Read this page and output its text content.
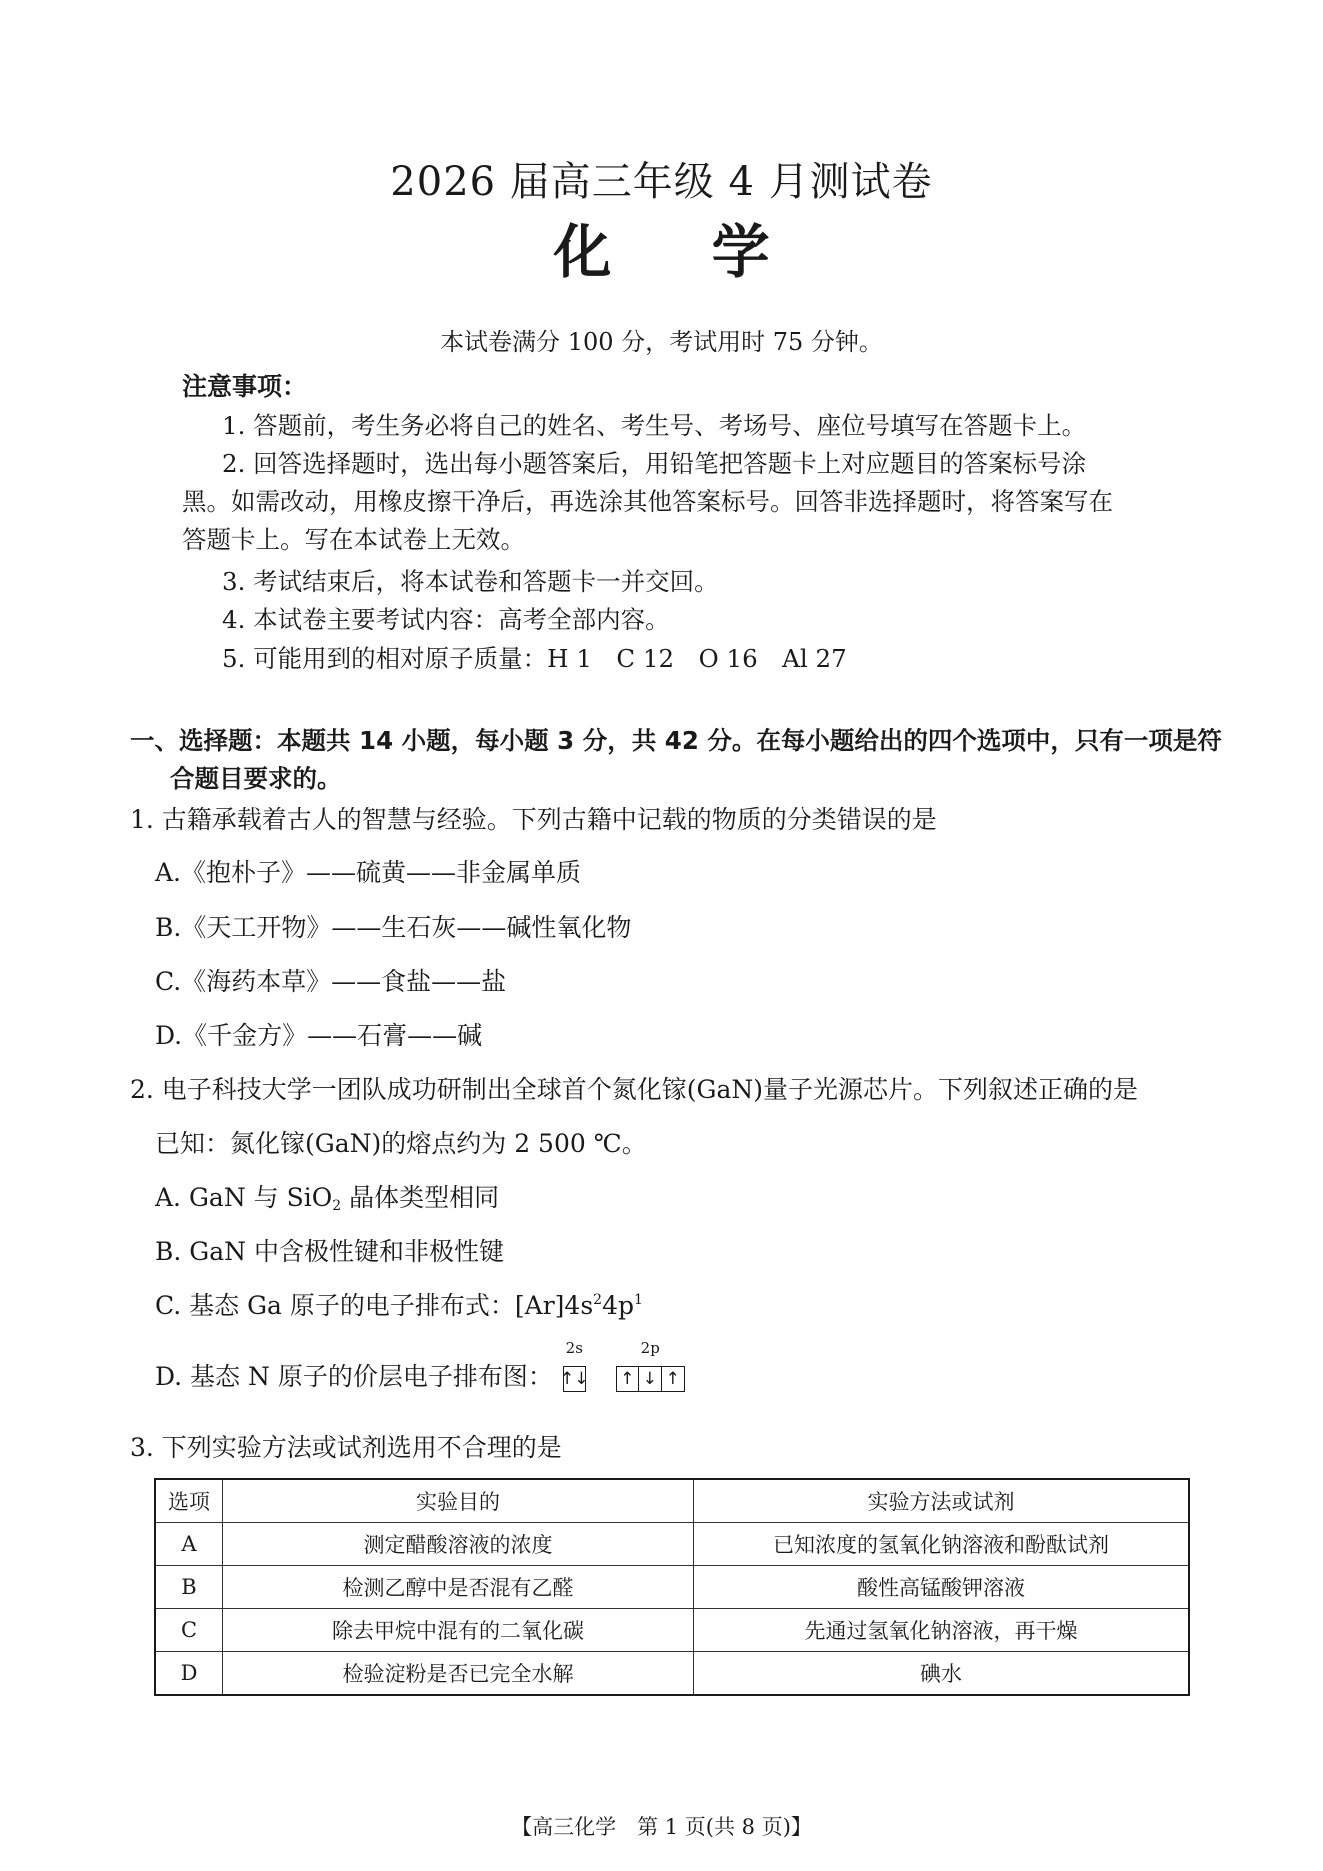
2026 届高三年级 4 月测试卷
化 学
本试卷满分 100 分，考试用时 75 分钟。
注意事项：
1. 答题前，考生务必将自己的姓名、考生号、考场号、座位号填写在答题卡上。
2. 回答选择题时，选出每小题答案后，用铅笔把答题卡上对应题目的答案标号涂
黑。如需改动，用橡皮擦干净后，再选涂其他答案标号。回答非选择题时，将答案写在
答题卡上。写在本试卷上无效。
3. 考试结束后，将本试卷和答题卡一并交回。
4. 本试卷主要考试内容：高考全部内容。
5. 可能用到的相对原子质量：H 1　C 12　O 16　Al 27
一、选择题：本题共 14 小题，每小题 3 分，共 42 分。在每小题给出的四个选项中，只有一项是符
合题目要求的。
1. 古籍承载着古人的智慧与经验。下列古籍中记载的物质的分类错误的是
A.《抱朴子》——硫黄——非金属单质
B.《天工开物》——生石灰——碱性氧化物
C.《海药本草》——食盐——盐
D.《千金方》——石膏——碱
2. 电子科技大学一团队成功研制出全球首个氮化镓(GaN)量子光源芯片。下列叙述正确的是
已知：氮化镓(GaN)的熔点约为 2 500 ℃。
A. GaN 与 SiO$_2$ 晶体类型相同
B. GaN 中含极性键和非极性键
C. 基态 Ga 原子的电子排布式：$[Ar]4s^24p^1$
D. 基态 N 原子的价层电子排布图：
2s
↑↓

2p
↑ ↓ ↑
3. 下列实验方法或试剂选用不合理的是
选项	实验目的	实验方法或试剂
A	测定醋酸溶液的浓度	已知浓度的氢氧化钠溶液和酚酞试剂
B	检测乙醇中是否混有乙醛	酸性高锰酸钾溶液
C	除去甲烷中混有的二氧化碳	先通过氢氧化钠溶液，再干燥
D	检验淀粉是否已完全水解	碘水
【高三化学　第 1 页(共 8 页)】
